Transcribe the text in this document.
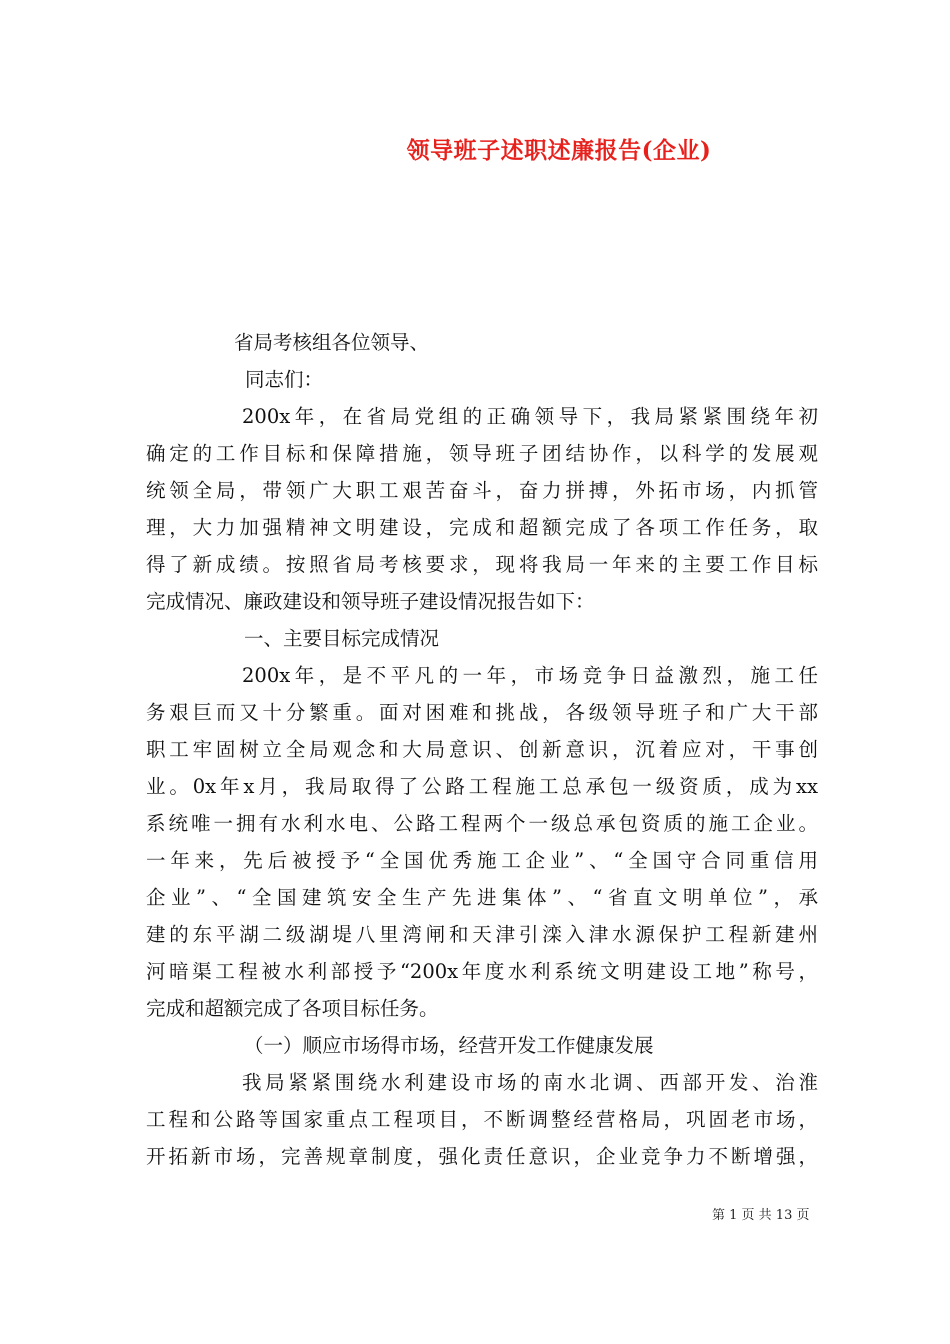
领导班子述职述廉报告(企业)
省局考核组各位领导、
同志们：
200x年，在省局党组的正确领导下，我局紧紧围绕年初
确定的工作目标和保障措施，领导班子团结协作，以科学的发展观
统领全局，带领广大职工艰苦奋斗，奋力拼搏，外拓市场，内抓管
理，大力加强精神文明建设，完成和超额完成了各项工作任务，取
得了新成绩。按照省局考核要求，现将我局一年来的主要工作目标
完成情况、廉政建设和领导班子建设情况报告如下：
一、主要目标完成情况
200x年，是不平凡的一年，市场竞争日益激烈，施工任
务艰巨而又十分繁重。面对困难和挑战，各级领导班子和广大干部
职工牢固树立全局观念和大局意识、创新意识，沉着应对，干事创
业。0x年x月，我局取得了公路工程施工总承包一级资质，成为xx
系统唯一拥有水利水电、公路工程两个一级总承包资质的施工企业。
一年来，先后被授予“全国优秀施工企业”、“全国守合同重信用
企业”、“全国建筑安全生产先进集体”、“省直文明单位”，承
建的东平湖二级湖堤八里湾闸和天津引滦入津水源保护工程新建州
河暗渠工程被水利部授予“200x年度水利系统文明建设工地”称号，
完成和超额完成了各项目标任务。
（一）顺应市场得市场，经营开发工作健康发展
我局紧紧围绕水利建设市场的南水北调、西部开发、治淮
工程和公路等国家重点工程项目，不断调整经营格局，巩固老市场，
开拓新市场，完善规章制度，强化责任意识，企业竞争力不断增强，
第 1 页 共 13 页
